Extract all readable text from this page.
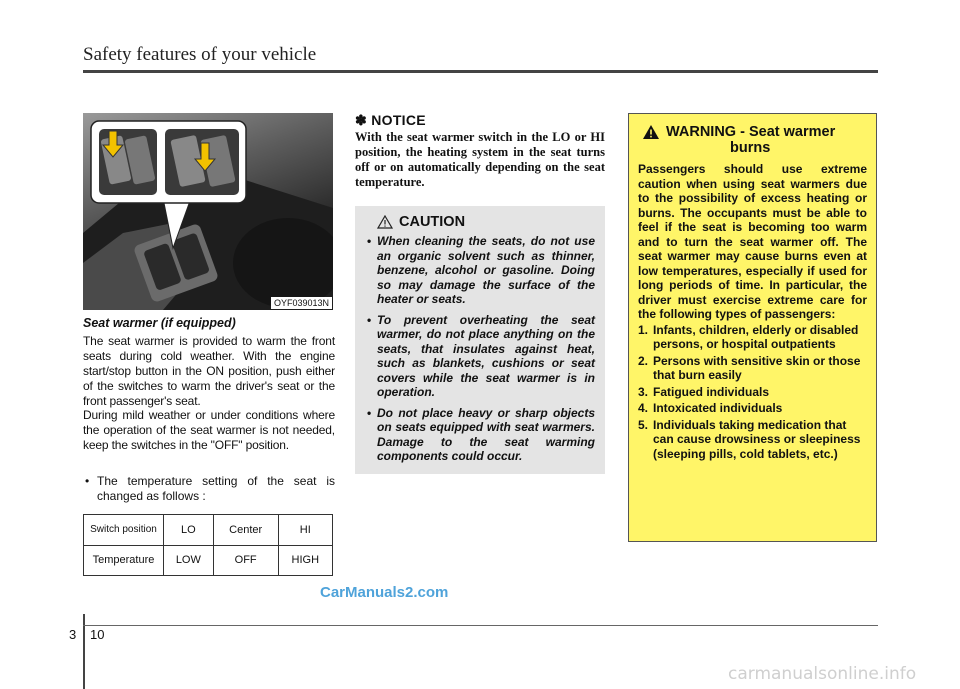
Safety features of your vehicle
OYF039013N
Seat warmer (if equipped)
The seat warmer is provided to warm the front seats during cold weather. With the engine start/stop button in the ON position, push either of the switches to warm the driver's seat or the front passenger's seat.
During mild weather or under conditions where the operation of the seat warmer is not needed, keep the switches in the "OFF" position.
• The temperature setting of the seat is changed as follows :
Switch position	LO	Center	HI
Temperature	LOW	OFF	HIGH
✽ NOTICE
With the seat warmer switch in the LO or HI position, the heating system in the seat turns off or on automatically depending on the seat temperature.
CAUTION
• When cleaning the seats, do not use an organic solvent such as thinner, benzene, alcohol or gasoline. Doing so may damage the surface of the heater or seats.
• To prevent overheating the seat warmer, do not place anything on the seats, that insulates against heat, such as blankets, cushions or seat covers while the seat warmer is in operation.
• Do not place heavy or sharp objects on seats equipped with seat warmers. Damage to the seat warming components could occur.
WARNING - Seat warmer
burns
Passengers should use extreme caution when using seat warmers due to the possibility of excess heating or burns. The occupants must be able to feel if the seat is becoming too warm and to turn the seat warmer off. The seat warmer may cause burns even at low temperatures, especially if used for long periods of time. In particular, the driver must exercise extreme care for the following types of passengers:
1. Infants, children, elderly or disabled persons, or hospital outpatients
2. Persons with sensitive skin or those that burn easily
3. Fatigued individuals
4. Intoxicated individuals
5. Individuals taking medication that can cause drowsiness or sleepiness (sleeping pills, cold tablets, etc.)
CarManuals2.com
3 10
carmanualsonline.info
